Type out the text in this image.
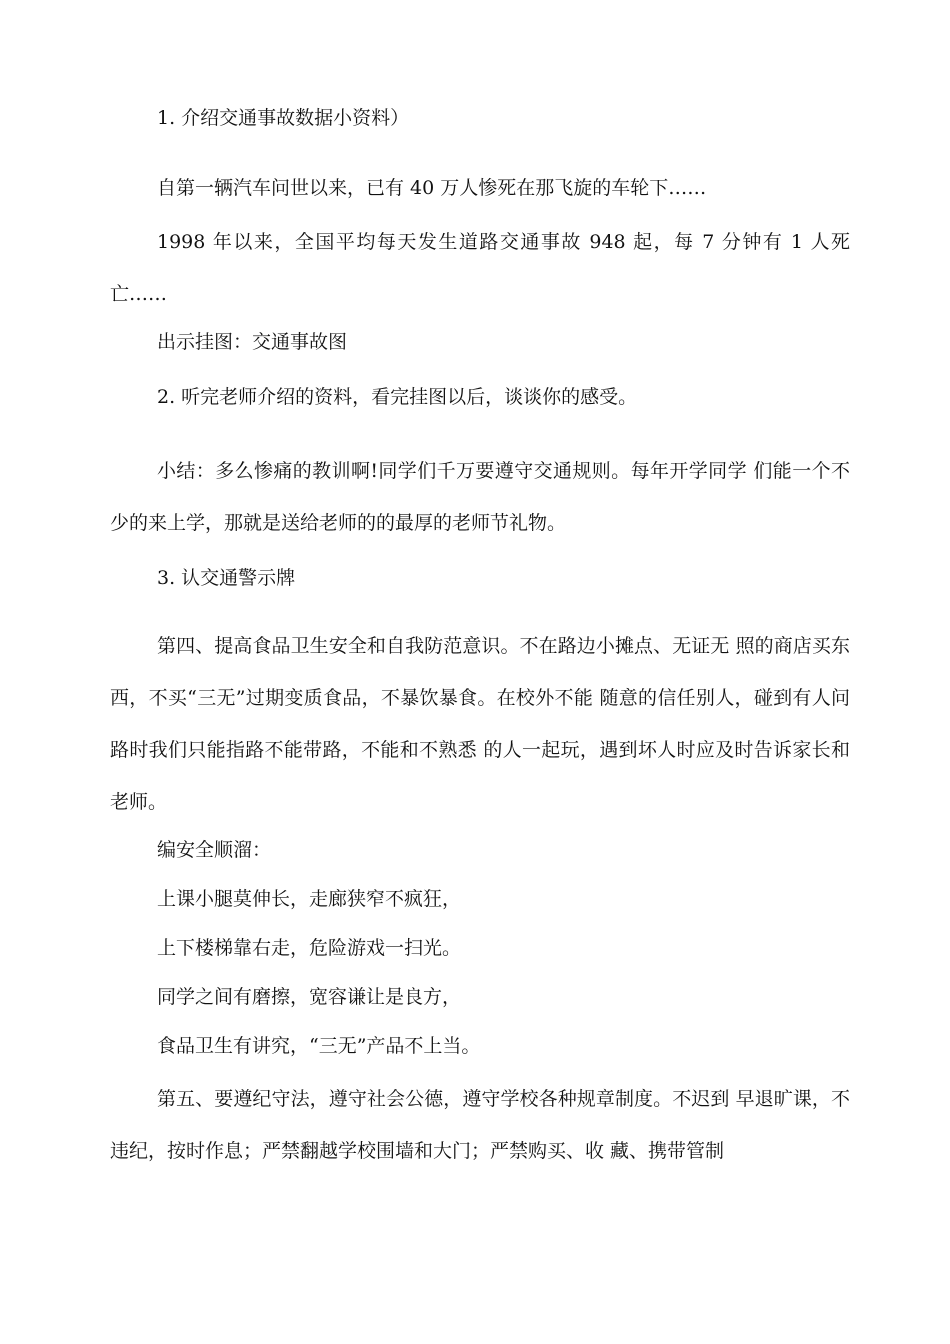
1. 介绍交通事故数据小资料）

自第一辆汽车问世以来，已有 40 万人惨死在那飞旋的车轮下……

1998 年以来，全国平均每天发生道路交通事故 948 起，每 7 分钟有 1 人死亡……

出示挂图：交通事故图

2. 听完老师介绍的资料，看完挂图以后，谈谈你的感受。

小结：多么惨痛的教训啊!同学们千万要遵守交通规则。每年开学同学 们能一个不少的来上学，那就是送给老师的的最厚的老师节礼物。

3. 认交通警示牌

第四、提高食品卫生安全和自我防范意识。不在路边小摊点、无证无 照的商店买东西，不买“三无”过期变质食品，不暴饮暴食。在校外不能 随意的信任别人，碰到有人问路时我们只能指路不能带路，不能和不熟悉 的人一起玩，遇到坏人时应及时告诉家长和老师。

编安全顺溜：

上课小腿莫伸长，走廊狭窄不疯狂，

上下楼梯靠右走，危险游戏一扫光。

同学之间有磨擦，宽容谦让是良方，

食品卫生有讲究，“三无”产品不上当。

第五、要遵纪守法，遵守社会公德，遵守学校各种规章制度。不迟到 早退旷课，不违纪，按时作息；严禁翻越学校围墙和大门；严禁购买、收 藏、携带管制
